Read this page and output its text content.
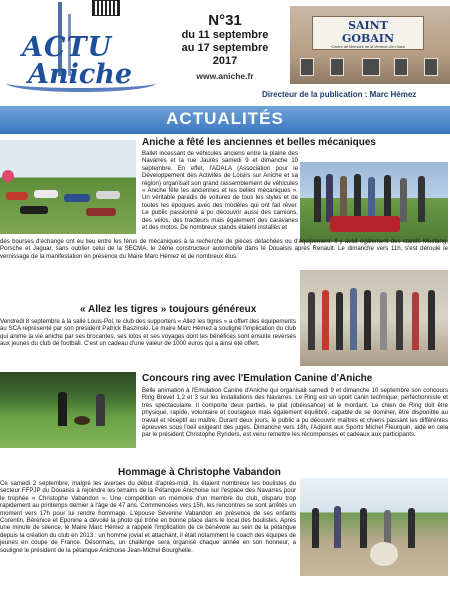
ACTU
Aniche
N°31
du 11 septembre
au 17 septembre
2017
www.aniche.fr
SAINT
GOBAIN
Centre de Mémoire de la Verrerie d'en Haut
Directeur de la publication : Marc Hémez
ACTUALITÉS
Aniche a fêté les anciennes et belles mécaniques
Ballet incessant de véhicules anciens entre la plaine des Navarres et la rue Jaurès samedi 9 et dimanche 10 septembre. En effet, l'ADALA (Association pour le Développement des Activités de Loisirs sur Aniche et sa région) organisait son grand rassemblement de véhicules « Aniche fête les anciennes et les belles mécaniques ». Un véritable paradis de voitures de tous les styles et de toutes les époques avec des modèles qui ont fait rêver. Le public passionné a pu découvrir aussi des camions, des vélos, des tracteurs mais également des caravanes et des motos. De nombreux stands étaient installés et
des bourses d'échange ont eu lieu entre les férus de mécaniques à la recherche de pièces détachées ou d'équipement. Il y avait également des stands Mustang, Porsche et Jaguar, sans oublier celui de la SECMA, le 2ème constructeur automobile dans le Douaisis après Renault. Le dimanche vers 11h, s'est déroulé le vernissage de la manifestation en présence du Maire Marc Hémez et de nombreux élus.
« Allez les tigres » toujours généreux
Vendredi 8 septembre à la salle Louis-Pol, le club des supporters « Allez les tigres » a offert des équipements au SCA représenté par son président Patrick Baszinski. Le maire Marc Hémez a souligné l'implication du club qui anime la vie aniche par ses brocantes, ses lotos et ses voyages dont les bénéfices sont ensuite reversés aux jeunes du club de football. C'est un cadeau d'une valeur de 1000 euros qui a ainsi été offert.
Concours ring avec l'Emulation Canine d'Aniche
Belle animation à l'Emulation Canine d'Aniche qui organisait samedi 9 et dimanche 10 septembre son concours Ring Brevet 1,2 et 3 sur les installations des Navarres. Le Ring est un sport canin technique, perfectionniste et très spectaculaire. Il comporte deux parties, le plat (obéissance) et le mordant. Le chien de Ring doit être physique, rapide, volontaire et courageux mais également équilibré, capable de se dominer, être disponible au travail et réceptif au maître. Durant deux jours, le public a pu découvrir maîtres et chiens passant les différentes épreuves sous l'oeil exigeant des juges. Dimanche vers 18h, l'Adjoint aux Sports Michel Fleurquin, aidé en cela par le président Christophe Rynders, est venu remettre les récompenses et cadeaux aux participants.
Hommage à Christophe Vabandon
Ce samedi 2 septembre, malgré les averses du début d'après-midi, ils étaient nombreux les boulistes du secteur FFPJP du Douaisis à rejoindre les terrains de la Pétanque Anichoise sur l'espace des Navarres pour le trophée « Christophe Vabandon ». Une compétition en mémoire d'un membre du club, disparu trop rapidement au printemps dernier à l'âge de 47 ans. Commencées vers 15h, les rencontres se sont arrêtés un moment vers 17h pour lui rendre hommage. L'épouse Séverine Vabandon en présence de ses enfants Corentin, Bérénice et Eponine a dévoilé la photo qui trône en bonne place dans le local des boulistes. Après une minute de silence, le Maire Marc Hémez a rappelé l'implication de ce bénévole au sein de la pétanque depuis la création du club en 2013 : un homme jovial et attachant, il était notamment le coach des équipes de jeunes en coupe de France. Désormais, un challenge sera organisé chaque année en son honneur, a souligné le président de la pétanque Anichoise Jean-Michel Bourghelle.
